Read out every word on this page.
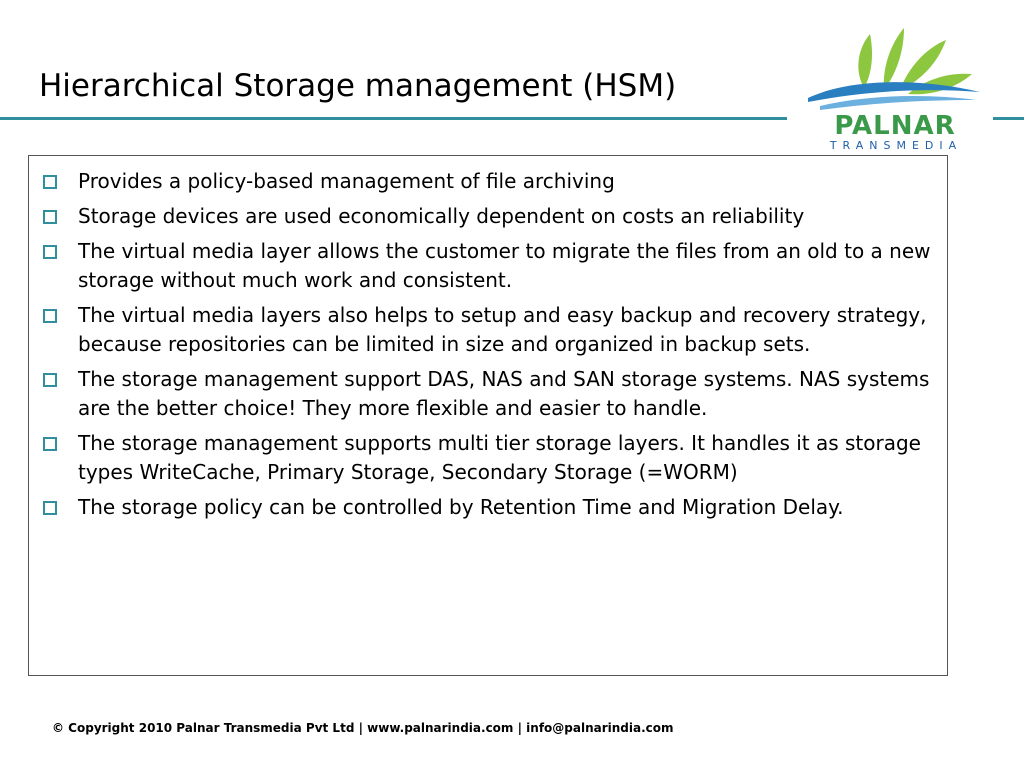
Hierarchical Storage management (HSM)
PALNAR
TRANSMEDIA
Provides a policy-based management of file archiving
Storage devices are used economically dependent on costs an reliability
The virtual media layer allows the customer to migrate the files from an old to a new storage without much work and consistent.
The virtual media layers also helps to setup and easy backup and recovery strategy, because repositories can be limited in size and organized in backup sets.
The storage management support DAS, NAS and SAN storage systems. NAS systems are the better choice! They more flexible and easier to handle.
The storage management supports multi tier storage layers. It handles it as storage types WriteCache, Primary Storage, Secondary Storage (=WORM)
The storage policy can be controlled by Retention Time and Migration Delay.
© Copyright 2010 Palnar Transmedia Pvt Ltd | www.palnarindia.com | info@palnarindia.com
